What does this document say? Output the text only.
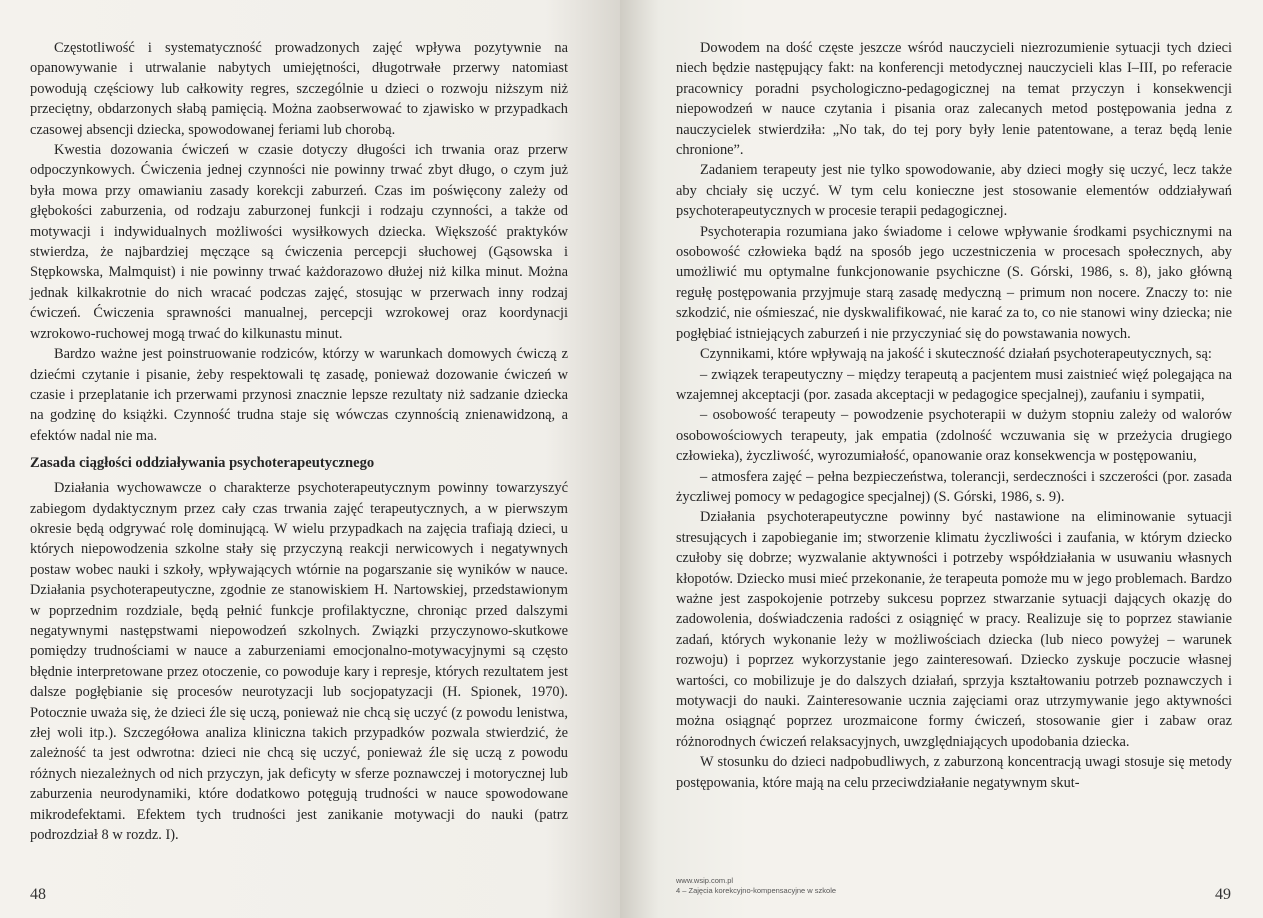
Częstotliwość i systematyczność prowadzonych zajęć wpływa pozytywnie na opanowywanie i utrwalanie nabytych umiejętności, długotrwałe przerwy natomiast powodują częściowy lub całkowity regres, szczególnie u dzieci o rozwoju niższym niż przeciętny, obdarzonych słabą pamięcią. Można zaobserwować to zjawisko w przypadkach czasowej absencji dziecka, spowodowanej feriami lub chorobą.

Kwestia dozowania ćwiczeń w czasie dotyczy długości ich trwania oraz przerw odpoczynkowych. Ćwiczenia jednej czynności nie powinny trwać zbyt długo, o czym już była mowa przy omawianiu zasady korekcji zaburzeń. Czas im poświęcony zależy od głębokości zaburzenia, od rodzaju zaburzonej funkcji i rodzaju czynności, a także od motywacji i indywidualnych możliwości wysiłkowych dziecka. Większość praktyków stwierdza, że najbardziej męczące są ćwiczenia percepcji słuchowej (Gąsowska i Stępkowska, Malmquist) i nie powinny trwać każdorazowo dłużej niż kilka minut. Można jednak kilkakrotnie do nich wracać podczas zajęć, stosując w przerwach inny rodzaj ćwiczeń. Ćwiczenia sprawności manualnej, percepcji wzrokowej oraz koordynacji wzrokowo-ruchowej mogą trwać do kilkunastu minut.

Bardzo ważne jest poinstruowanie rodziców, którzy w warunkach domowych ćwiczą z dziećmi czytanie i pisanie, żeby respektowali tę zasadę, ponieważ dozowanie ćwiczeń w czasie i przeplatanie ich przerwami przynosi znacznie lepsze rezultaty niż sadzanie dziecka na godzinę do książki. Czynność trudna staje się wówczas czynnością znienawidzoną, a efektów nadal nie ma.

Zasada ciągłości oddziaływania psychoterapeutycznego

Działania wychowawcze o charakterze psychoterapeutycznym powinny towarzyszyć zabiegom dydaktycznym przez cały czas trwania zajęć terapeutycznych, a w pierwszym okresie będą odgrywać rolę dominującą. W wielu przypadkach na zajęcia trafiają dzieci, u których niepowodzenia szkolne stały się przyczyną reakcji nerwicowych i negatywnych postaw wobec nauki i szkoły, wpływających wtórnie na pogarszanie się wyników w nauce. Działania psychoterapeutyczne, zgodnie ze stanowiskiem H. Nartowskiej, przedstawionym w poprzednim rozdziale, będą pełnić funkcje profilaktyczne, chroniąc przed dalszymi negatywnymi następstwami niepowodzeń szkolnych. Związki przyczynowo-skutkowe pomiędzy trudnościami w nauce a zaburzeniami emocjonalno-motywacyjnymi są często błędnie interpretowane przez otoczenie, co powoduje kary i represje, których rezultatem jest dalsze pogłębianie się procesów neurotyzacji lub socjopatyzacji (H. Spionek, 1970). Potocznie uważa się, że dzieci źle się uczą, ponieważ nie chcą się uczyć (z powodu lenistwa, złej woli itp.). Szczegółowa analiza kliniczna takich przypadków pozwala stwierdzić, że zależność ta jest odwrotna: dzieci nie chcą się uczyć, ponieważ źle się uczą z powodu różnych niezależnych od nich przyczyn, jak deficyty w sferze poznawczej i motorycznej lub zaburzenia neurodynamiki, które dodatkowo potęgują trudności w nauce spowodowane mikrodefektami. Efektem tych trudności jest zanikanie motywacji do nauki (patrz podrozdział 8 w rozdz. I).

48

Dowodem na dość częste jeszcze wśród nauczycieli niezrozumienie sytuacji tych dzieci niech będzie następujący fakt: na konferencji metodycznej nauczycieli klas I–III, po referacie pracownicy poradni psychologiczno-pedagogicznej na temat przyczyn i konsekwencji niepowodzeń w nauce czytania i pisania oraz zalecanych metod postępowania jedna z nauczycielek stwierdziła: „No tak, do tej pory były lenie patentowane, a teraz będą lenie chronione”.

Zadaniem terapeuty jest nie tylko spowodowanie, aby dzieci mogły się uczyć, lecz także aby chciały się uczyć. W tym celu konieczne jest stosowanie elementów oddziaływań psychoterapeutycznych w procesie terapii pedagogicznej.

Psychoterapia rozumiana jako świadome i celowe wpływanie środkami psychicznymi na osobowość człowieka bądź na sposób jego uczestniczenia w procesach społecznych, aby umożliwić mu optymalne funkcjonowanie psychiczne (S. Górski, 1986, s. 8), jako główną regułę postępowania przyjmuje starą zasadę medyczną – primum non nocere. Znaczy to: nie szkodzić, nie ośmieszać, nie dyskwalifikować, nie karać za to, co nie stanowi winy dziecka; nie pogłębiać istniejących zaburzeń i nie przyczyniać się do powstawania nowych.

Czynnikami, które wpływają na jakość i skuteczność działań psychoterapeutycznych, są:

– związek terapeutyczny – między terapeutą a pacjentem musi zaistnieć więź polegająca na wzajemnej akceptacji (por. zasada akceptacji w pedagogice specjalnej), zaufaniu i sympatii,

– osobowość terapeuty – powodzenie psychoterapii w dużym stopniu zależy od walorów osobowościowych terapeuty, jak empatia (zdolność wczuwania się w przeżycia drugiego człowieka), życzliwość, wyrozumiałość, opanowanie oraz konsekwencja w postępowaniu,

– atmosfera zajęć – pełna bezpieczeństwa, tolerancji, serdeczności i szczerości (por. zasada życzliwej pomocy w pedagogice specjalnej) (S. Górski, 1986, s. 9).

Działania psychoterapeutyczne powinny być nastawione na eliminowanie sytuacji stresujących i zapobieganie im; stworzenie klimatu życzliwości i zaufania, w którym dziecko czułoby się dobrze; wyzwalanie aktywności i potrzeby współdziałania w usuwaniu własnych kłopotów. Dziecko musi mieć przekonanie, że terapeuta pomoże mu w jego problemach. Bardzo ważne jest zaspokojenie potrzeby sukcesu poprzez stwarzanie sytuacji dających okazję do zadowolenia, doświadczenia radości z osiągnięć w pracy. Realizuje się to poprzez stawianie zadań, których wykonanie leży w możliwościach dziecka (lub nieco powyżej – warunek rozwoju) i poprzez wykorzystanie jego zainteresowań. Dziecko zyskuje poczucie własnej wartości, co mobilizuje je do dalszych działań, sprzyja kształtowaniu potrzeb poznawczych i motywacji do nauki. Zainteresowanie ucznia zajęciami oraz utrzymywanie jego aktywności można osiągnąć poprzez urozmaicone formy ćwiczeń, stosowanie gier i zabaw oraz różnorodnych ćwiczeń relaksacyjnych, uwzględniających upodobania dziecka.

W stosunku do dzieci nadpobudliwych, z zaburzoną koncentracją uwagi stosuje się metody postępowania, które mają na celu przeciwdziałanie negatywnym skut-

www.wsip.com.pl
4 – Zajęcia korekcyjno-kompensacyjne w szkole	49
